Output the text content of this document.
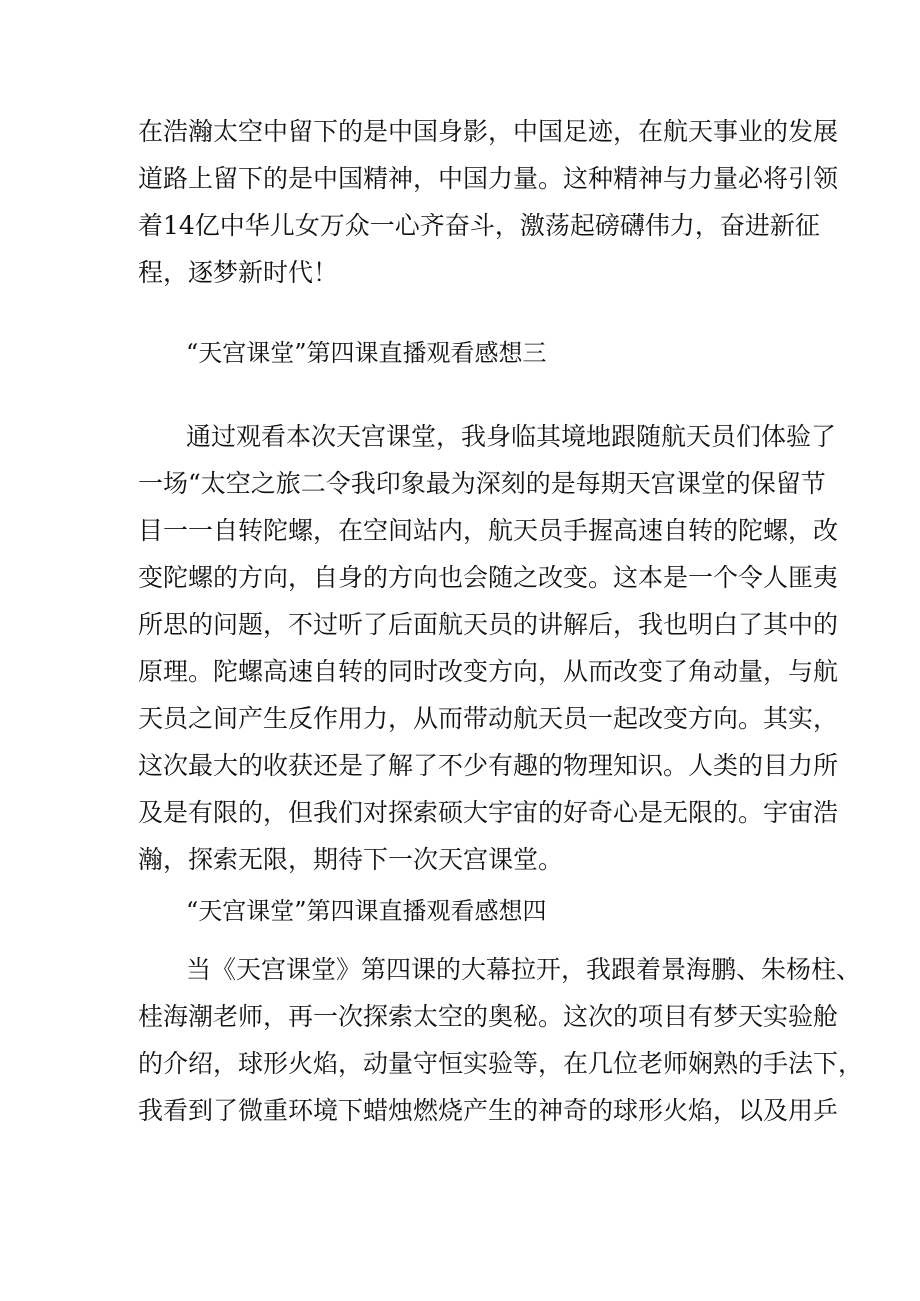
在浩瀚太空中留下的是中国身影，中国足迹，在航天事业的发展
道路上留下的是中国精神，中国力量。这种精神与力量必将引领
着14亿中华儿女万众一心齐奋斗，激荡起磅礴伟力，奋进新征
程，逐梦新时代！
“天宫课堂”第四课直播观看感想三
通过观看本次天宫课堂，我身临其境地跟随航天员们体验了
一场“太空之旅二令我印象最为深刻的是每期天宫课堂的保留节
目一一自转陀螺，在空间站内，航天员手握高速自转的陀螺，改
变陀螺的方向，自身的方向也会随之改变。这本是一个令人匪夷
所思的问题，不过听了后面航天员的讲解后，我也明白了其中的
原理。陀螺高速自转的同时改变方向，从而改变了角动量，与航
天员之间产生反作用力，从而带动航天员一起改变方向。其实，
这次最大的收获还是了解了不少有趣的物理知识。人类的目力所
及是有限的，但我们对探索硕大宇宙的好奇心是无限的。宇宙浩
瀚，探索无限，期待下一次天宫课堂。
“天宫课堂”第四课直播观看感想四
当《天宫课堂》第四课的大幕拉开，我跟着景海鹏、朱杨柱、
桂海潮老师，再一次探索太空的奥秘。这次的项目有梦天实验舱
的介绍，球形火焰，动量守恒实验等，在几位老师娴熟的手法下，
我看到了微重环境下蜡烛燃烧产生的神奇的球形火焰，以及用乒
